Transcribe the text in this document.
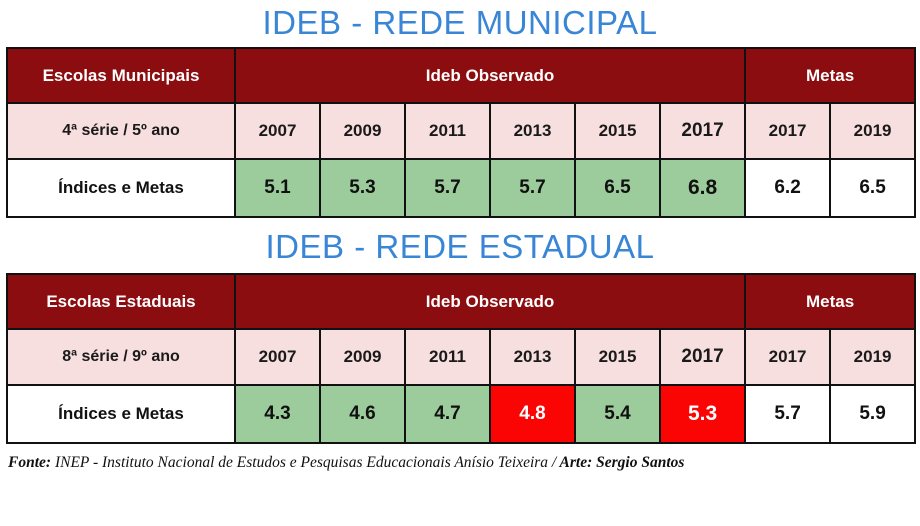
IDEB - REDE MUNICIPAL
Escolas Municipais	Ideb Observado						Metas	
4ª série / 5º ano	2007	2009	2011	2013	2015	2017	2017	2019
Índices e Metas	5.1	5.3	5.7	5.7	6.5	6.8	6.2	6.5
IDEB - REDE ESTADUAL
Escolas Estaduais	Ideb Observado						Metas	
8ª série / 9º ano	2007	2009	2011	2013	2015	2017	2017	2019
Índices e Metas	4.3	4.6	4.7	4.8	5.4	5.3	5.7	5.9
Fonte: INEP - Instituto Nacional de Estudos e Pesquisas Educacionais Anísio Teixeira / Arte: Sergio Santos
